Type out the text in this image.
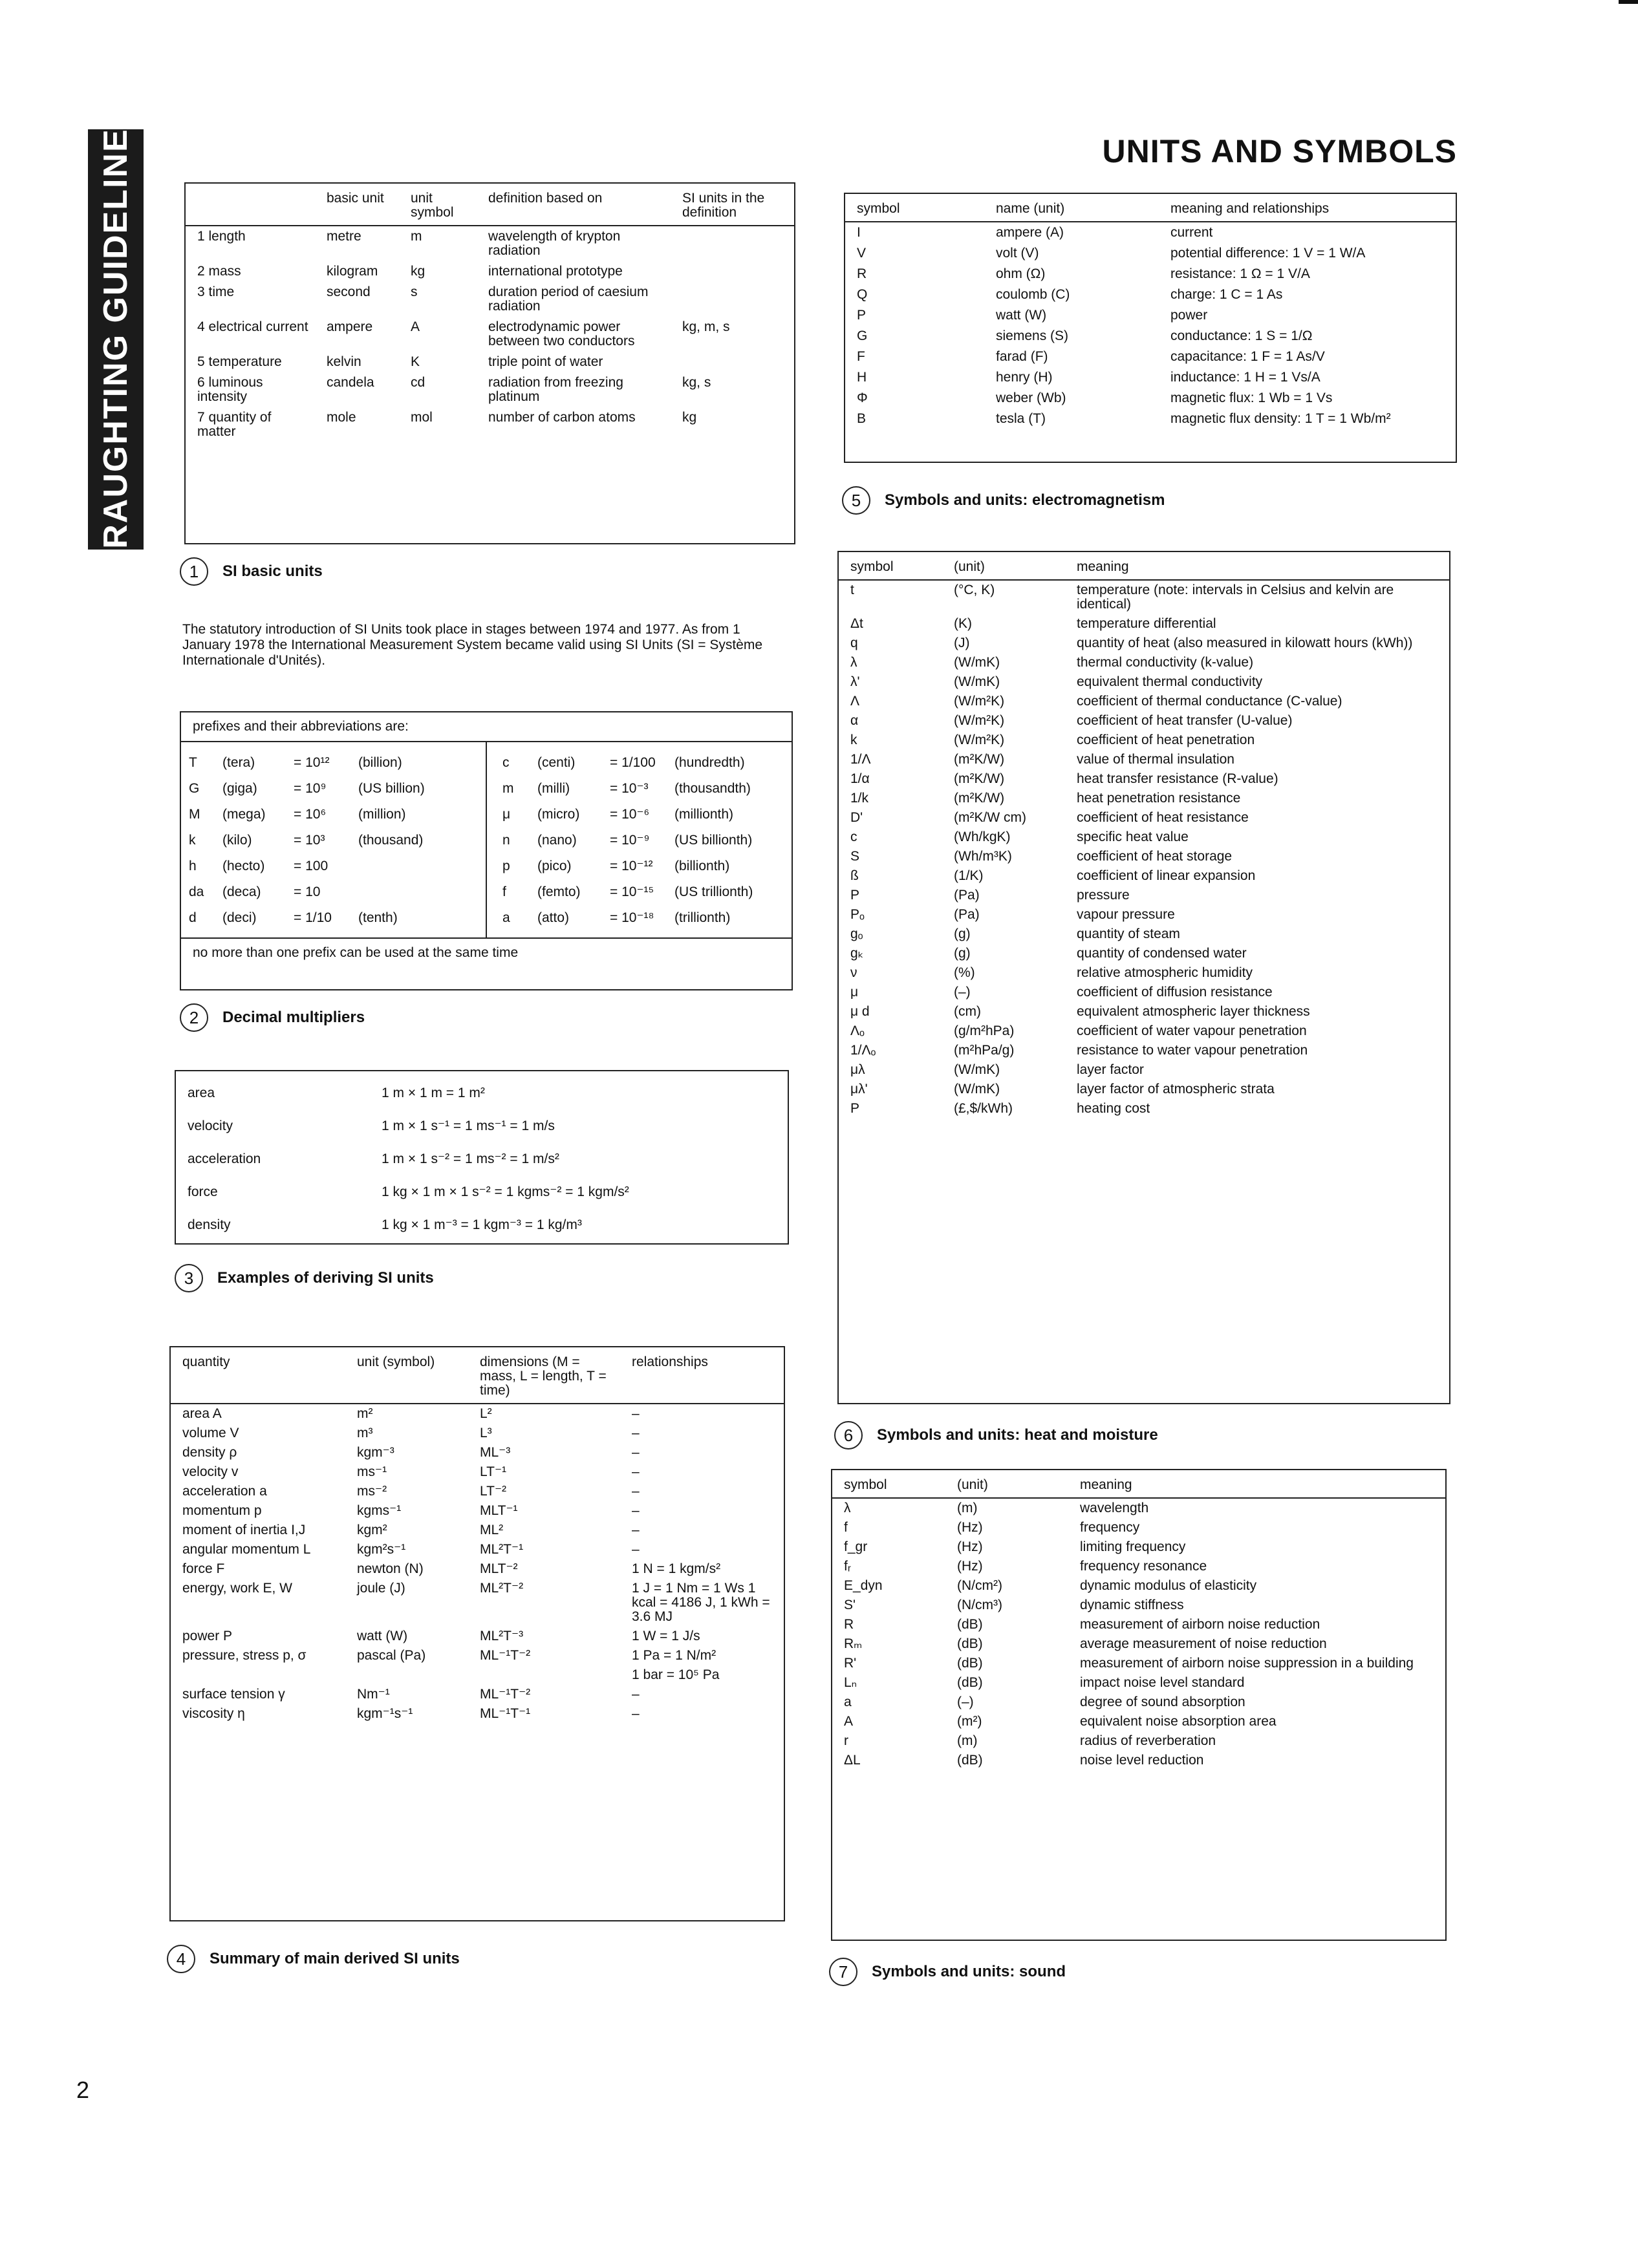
DRAUGHTING GUIDELINES	UNITS AND SYMBOLS
	basic unit	unit symbol	definition based on	SI units in the definition
1 length	metre	m	wavelength of krypton radiation	
2 mass	kilogram	kg	international prototype	
3 time	second	s	duration period of caesium radiation	
4 electrical current	ampere	A	electrodynamic power between two conductors	kg, m, s
5 temperature	kelvin	K	triple point of water	
6 luminous intensity	candela	cd	radiation from freezing platinum	kg, s
7 quantity of matter	mole	mol	number of carbon atoms	kg
1	SI basic units
The statutory introduction of SI Units took place in stages between 1974 and 1977. As from 1 January 1978 the International Measurement System became valid using SI Units (SI = Système Internationale d'Unités).
prefixes and their abbreviations are:
T	(tera)	= 10¹²	(billion)
G	(giga)	= 10⁹	(US billion)
M	(mega)	= 10⁶	(million)
k	(kilo)	= 10³	(thousand)
h	(hecto)	= 100
da	(deca)	= 10
d	(deci)	= 1/10	(tenth)
c	(centi)	= 1/100	(hundredth)
m	(milli)	= 10⁻³	(thousandth)
μ	(micro)	= 10⁻⁶	(millionth)
n	(nano)	= 10⁻⁹	(US billionth)
p	(pico)	= 10⁻¹²	(billionth)
f	(femto)	= 10⁻¹⁵	(US trillionth)
a	(atto)	= 10⁻¹⁸	(trillionth)
no more than one prefix can be used at the same time
2	Decimal multipliers
area	1 m × 1 m = 1 m²
velocity	1 m × 1 s⁻¹ = 1 ms⁻¹ = 1 m/s
acceleration	1 m × 1 s⁻² = 1 ms⁻² = 1 m/s²
force	1 kg × 1 m × 1 s⁻² = 1 kgms⁻² = 1 kgm/s²
density	1 kg × 1 m⁻³ = 1 kgm⁻³ = 1 kg/m³
3	Examples of deriving SI units
quantity	unit (symbol)	dimensions (M = mass, L = length, T = time)	relationships
area A	m²	L²	–
volume V	m³	L³	–
density ρ	kgm⁻³	ML⁻³	–
velocity v	ms⁻¹	LT⁻¹	–
acceleration a	ms⁻²	LT⁻²	–
momentum p	kgms⁻¹	MLT⁻¹	–
moment of inertia I,J	kgm²	ML²	–
angular momentum L	kgm²s⁻¹	ML²T⁻¹	–
force F	newton (N)	MLT⁻²	1 N = 1 kgm/s²
energy, work E, W	joule (J)	ML²T⁻²	1 J = 1 Nm = 1 Ws 1 kcal = 4186 J, 1 kWh = 3.6 MJ
power P	watt (W)	ML²T⁻³	1 W = 1 J/s
pressure, stress p, σ	pascal (Pa)	ML⁻¹T⁻²	1 Pa = 1 N/m²
			1 bar = 10⁵ Pa
surface tension γ	Nm⁻¹	ML⁻¹T⁻²	–
viscosity η	kgm⁻¹s⁻¹	ML⁻¹T⁻¹	–
4	Summary of main derived SI units
symbol	name (unit)	meaning and relationships
I	ampere (A)	current
V	volt (V)	potential difference: 1 V = 1 W/A
R	ohm (Ω)	resistance: 1 Ω = 1 V/A
Q	coulomb (C)	charge: 1 C = 1 As
P	watt (W)	power
G	siemens (S)	conductance: 1 S = 1/Ω
F	farad (F)	capacitance: 1 F = 1 As/V
H	henry (H)	inductance: 1 H = 1 Vs/A
Φ	weber (Wb)	magnetic flux: 1 Wb = 1 Vs
B	tesla (T)	magnetic flux density: 1 T = 1 Wb/m²
5	Symbols and units: electromagnetism
symbol	(unit)	meaning
t	(°C, K)	temperature (note: intervals in Celsius and kelvin are identical)
Δt	(K)	temperature differential
q	(J)	quantity of heat (also measured in kilowatt hours (kWh))
λ	(W/mK)	thermal conductivity (k-value)
λ'	(W/mK)	equivalent thermal conductivity
Λ	(W/m²K)	coefficient of thermal conductance (C-value)
α	(W/m²K)	coefficient of heat transfer (U-value)
k	(W/m²K)	coefficient of heat penetration
1/Λ	(m²K/W)	value of thermal insulation
1/α	(m²K/W)	heat transfer resistance (R-value)
1/k	(m²K/W)	heat penetration resistance
D'	(m²K/W cm)	coefficient of heat resistance
c	(Wh/kgK)	specific heat value
S	(Wh/m³K)	coefficient of heat storage
ß	(1/K)	coefficient of linear expansion
P	(Pa)	pressure
Pₒ	(Pa)	vapour pressure
gₒ	(g)	quantity of steam
gₖ	(g)	quantity of condensed water
ν	(%)	relative atmospheric humidity
μ	(–)	coefficient of diffusion resistance
μ d	(cm)	equivalent atmospheric layer thickness
Λₒ	(g/m²hPa)	coefficient of water vapour penetration
1/Λₒ	(m²hPa/g)	resistance to water vapour penetration
μλ	(W/mK)	layer factor
μλ'	(W/mK)	layer factor of atmospheric strata
P	(£,$/kWh)	heating cost
6	Symbols and units: heat and moisture
symbol	(unit)	meaning
λ	(m)	wavelength
f	(Hz)	frequency
f_gr	(Hz)	limiting frequency
fᵣ	(Hz)	frequency resonance
E_dyn	(N/cm²)	dynamic modulus of elasticity
S'	(N/cm³)	dynamic stiffness
R	(dB)	measurement of airborn noise reduction
Rₘ	(dB)	average measurement of noise reduction
R'	(dB)	measurement of airborn noise suppression in a building
Lₙ	(dB)	impact noise level standard
a	(–)	degree of sound absorption
A	(m²)	equivalent noise absorption area
r	(m)	radius of reverberation
ΔL	(dB)	noise level reduction
7	Symbols and units: sound
2
